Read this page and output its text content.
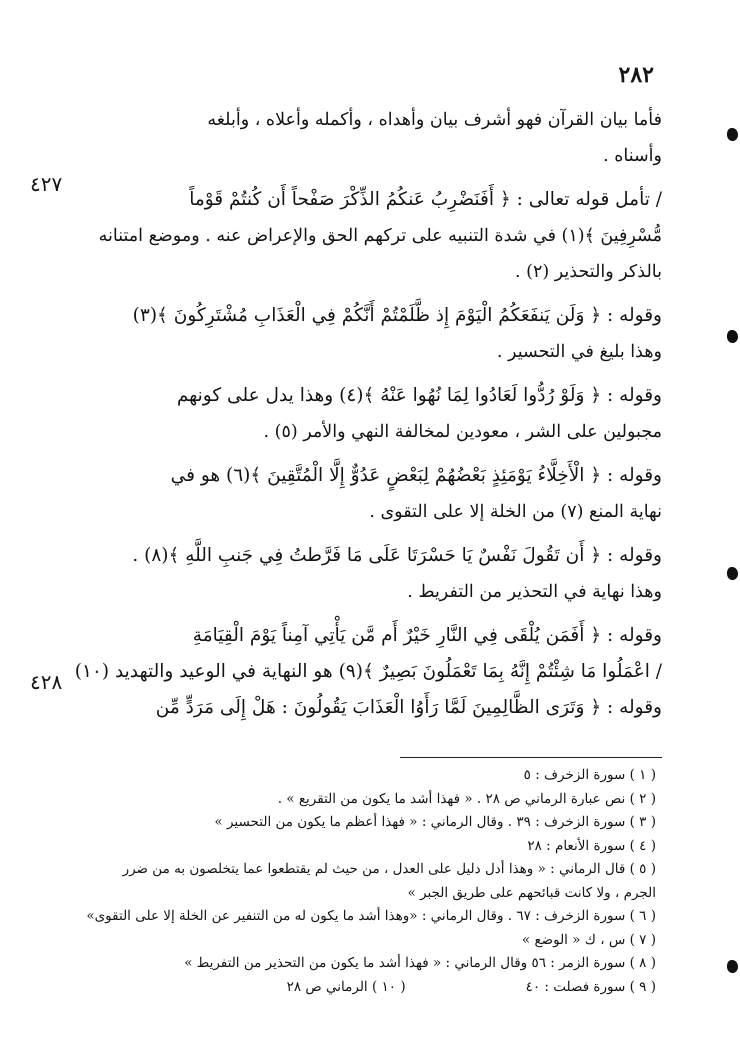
٢٨٢
٤٢٧
٤٢٨
فأما بيان القرآن فهو أشرف بيان وأهداه ، وأكمله وأعلاه ، وأبلغه
وأسناه .
/ تأمل قوله تعالى : ﴿ أَفَنَضْرِبُ عَنكُمُ الذِّكْرَ صَفْحاً أَن كُنتُمْ قَوْماً
مُّسْرِفِينَ ﴾(١) في شدة التنبيه على تركهم الحق والإعراض عنه . وموضع امتنانه
بالذكر والتحذير (٢) .
وقوله : ﴿ وَلَن يَنفَعَكُمُ الْيَوْمَ إِذ ظَّلَمْتُمْ أَنَّكُمْ فِي الْعَذَابِ مُشْتَرِكُونَ ﴾(٣)
وهذا بليغ في التحسير .
وقوله : ﴿ وَلَوْ رُدُّوا لَعَادُوا لِمَا نُهُوا عَنْهُ ﴾(٤) وهذا يدل على كونهم
مجبولين على الشر ، معودين لمخالفة النهي والأمر (٥) .
وقوله : ﴿ الْأَخِلَّاءُ يَوْمَئِذٍ بَعْضُهُمْ لِبَعْضٍ عَدُوٌّ إِلَّا الْمُتَّقِينَ ﴾(٦) هو في
نهاية المنع (٧) من الخلة إلا على التقوى .
وقوله : ﴿ أَن تَقُولَ نَفْسٌ يَا حَسْرَتَا عَلَى مَا فَرَّطتُ فِي جَنبِ اللَّهِ ﴾(٨) .
وهذا نهاية في التحذير من التفريط .
وقوله : ﴿ أَفَمَن يُلْقَى فِي النَّارِ خَيْرٌ أَم مَّن يَأْتِي آمِناً يَوْمَ الْقِيَامَةِ
/ اعْمَلُوا مَا شِئْتُمْ إِنَّهُ بِمَا تَعْمَلُونَ بَصِيرٌ ﴾(٩) هو النهاية في الوعيد والتهديد (١٠)
وقوله : ﴿ وَتَرَى الظَّالِمِينَ لَمَّا رَأَوُا الْعَذَابَ يَقُولُونَ : هَلْ إِلَى مَرَدٍّ مِّن
( ١ ) سورة الزخرف : ٥
( ٢ ) نص عبارة الرماني ص ٢٨ . « فهذا أشد ما يكون من التقريع » .
( ٣ ) سورة الزخرف : ٣٩ . وقال الرماني : « فهذا أعظم ما يكون من التحسير »
( ٤ ) سورة الأنعام : ٢٨
( ٥ ) قال الرماني : « وهذا أدل دليل على العدل ، من حيث لم يقتطعوا عما يتخلصون به من ضرر
الجرم ، ولا كانت قبائحهم على طريق الجبر »
( ٦ ) سورة الزخرف : ٦٧ . وقال الرماني : «وهذا أشد ما يكون له من التنفير عن الخلة إلا على التقوى»
( ٧ ) س ، ك « الوضع »
( ٨ ) سورة الزمر : ٥٦ وقال الرماني : « فهذا أشد ما يكون من التحذير من التفريط »
( ٩ ) سورة فصلت : ٤٠( ١٠ ) الرماني ص ٢٨
